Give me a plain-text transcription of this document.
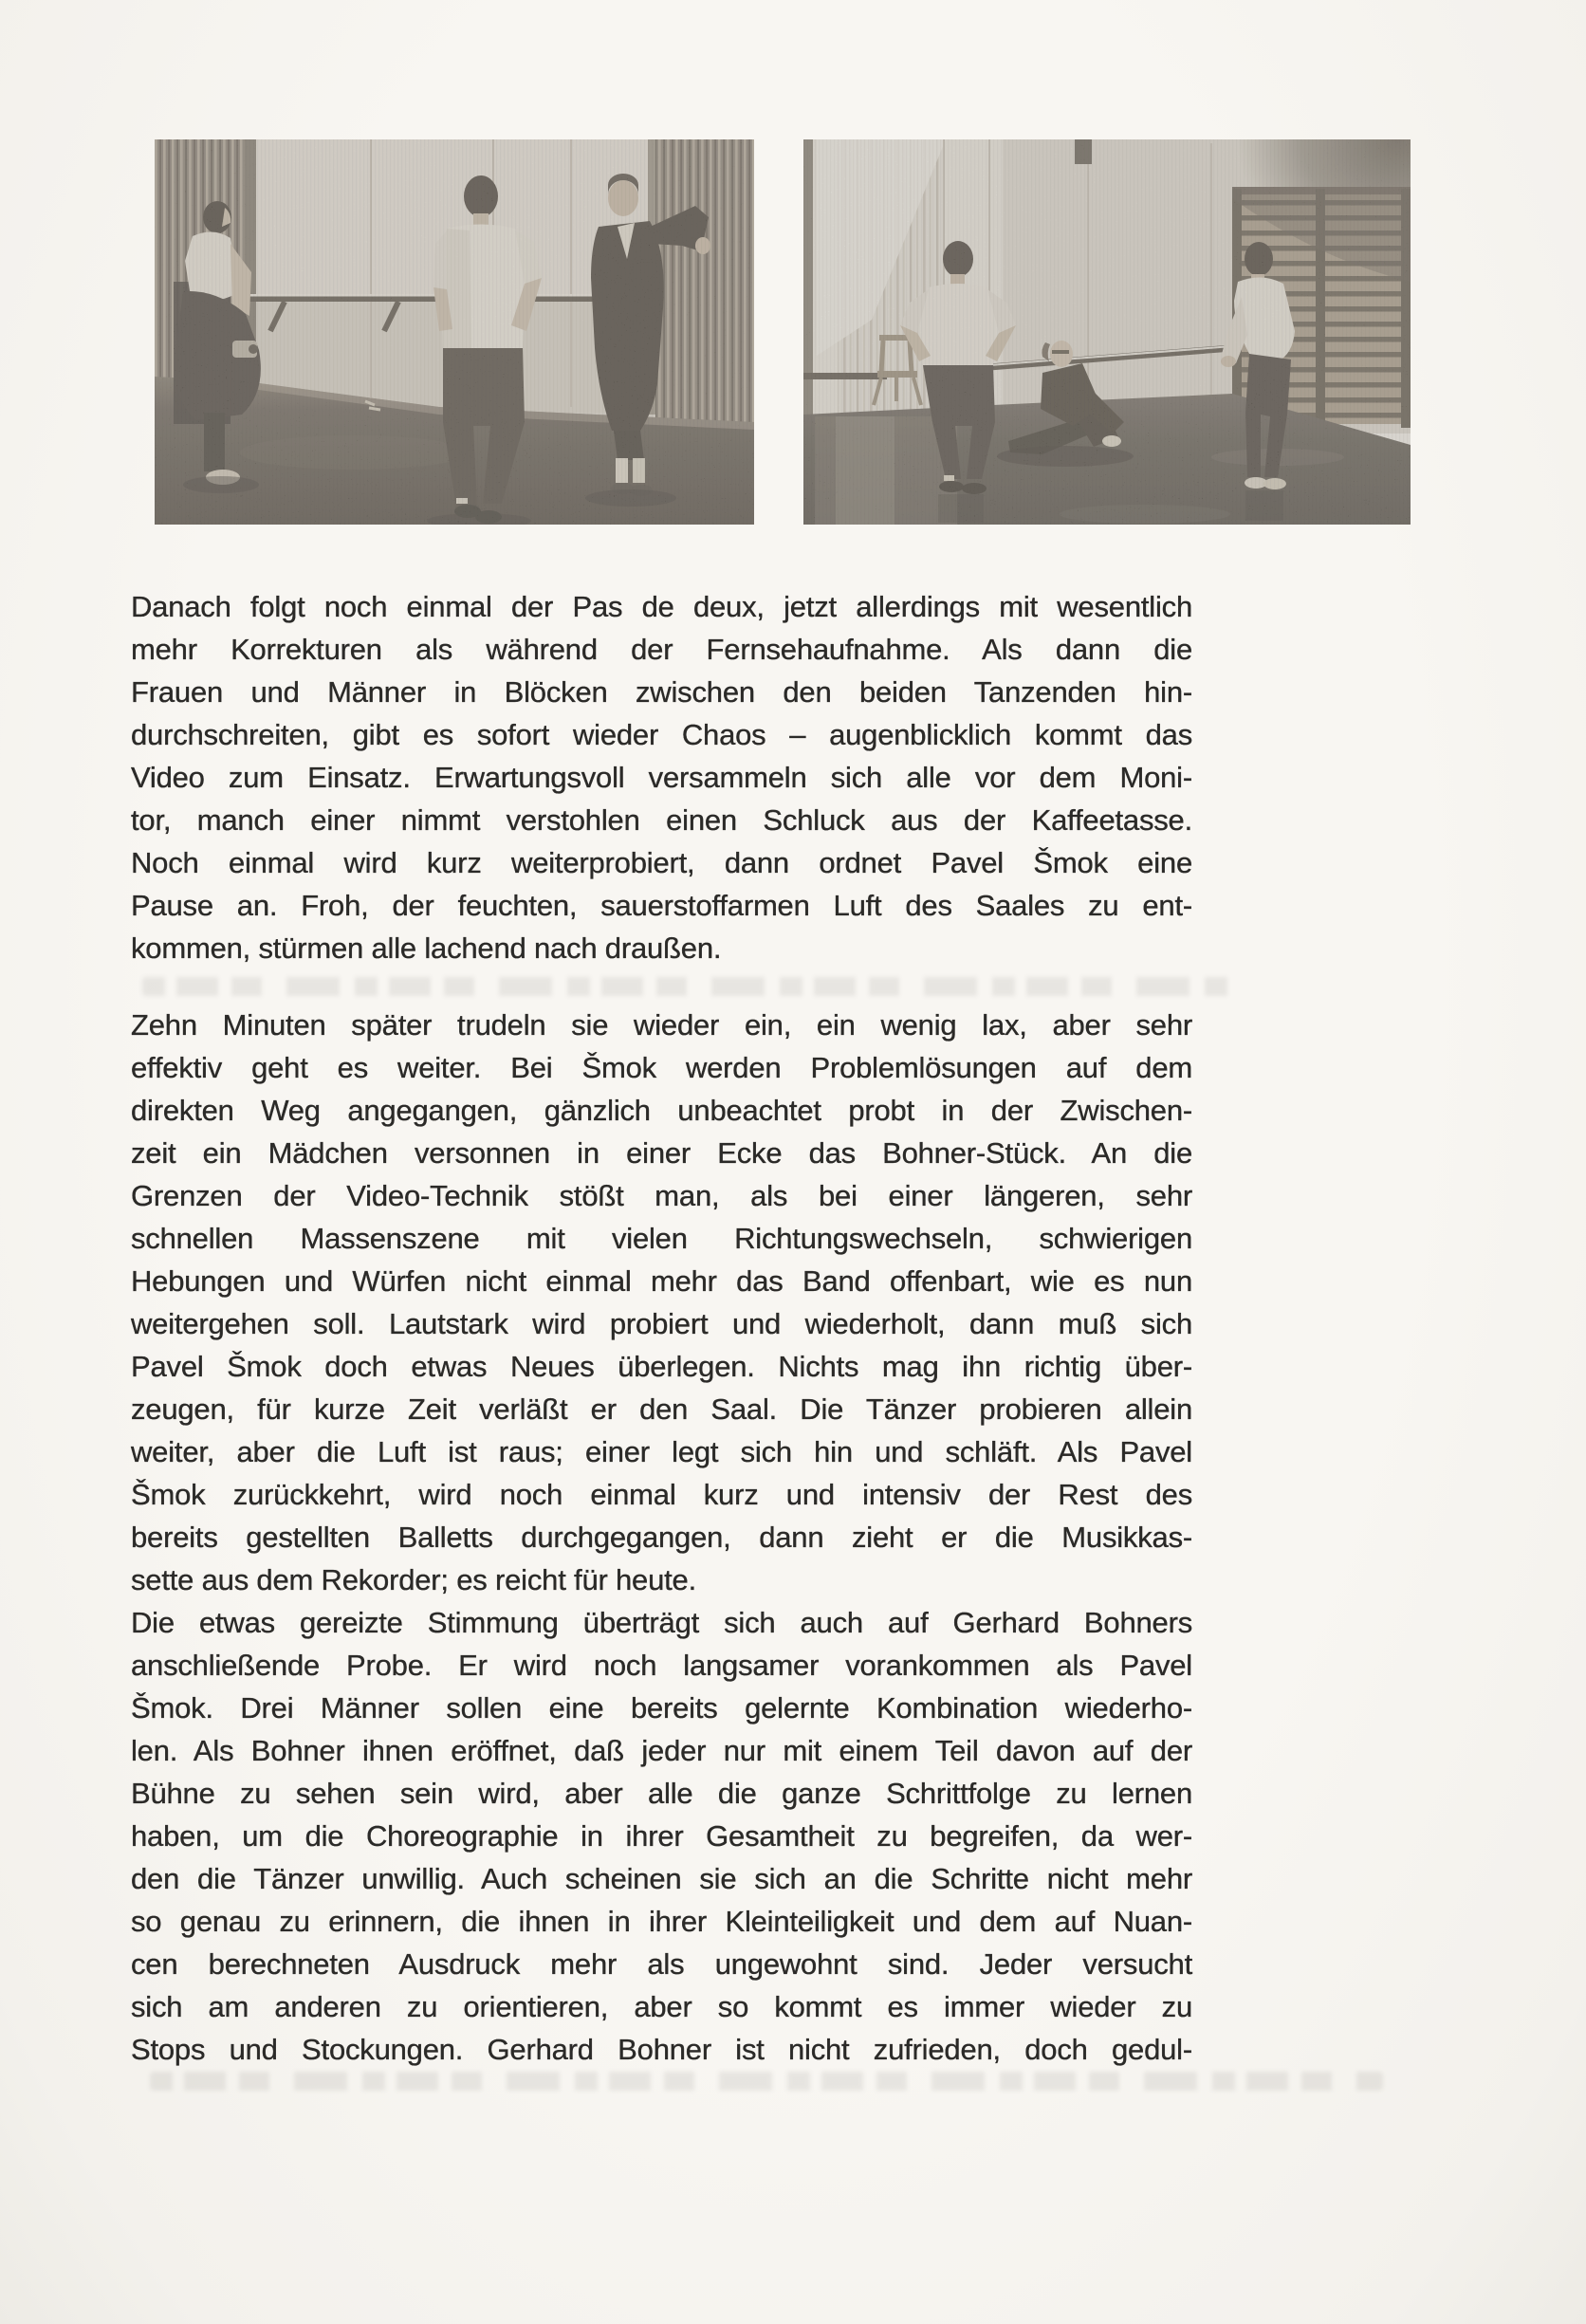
Danach folgt noch einmal der Pas de deux, jetzt allerdings mit wesentlich
mehr Korrekturen als während der Fernsehaufnahme. Als dann die
Frauen und Männer in Blöcken zwischen den beiden Tanzenden hin-
durchschreiten, gibt es sofort wieder Chaos – augenblicklich kommt das
Video zum Einsatz. Erwartungsvoll versammeln sich alle vor dem Moni-
tor, manch einer nimmt verstohlen einen Schluck aus der Kaffeetasse.
Noch einmal wird kurz weiterprobiert, dann ordnet Pavel Šmok eine
Pause an. Froh, der feuchten, sauerstoffarmen Luft des Saales zu ent-
kommen, stürmen alle lachend nach draußen.
Zehn Minuten später trudeln sie wieder ein, ein wenig lax, aber sehr
effektiv geht es weiter. Bei Šmok werden Problemlösungen auf dem
direkten Weg angegangen, gänzlich unbeachtet probt in der Zwischen-
zeit ein Mädchen versonnen in einer Ecke das Bohner-Stück. An die
Grenzen der Video-Technik stößt man, als bei einer längeren, sehr
schnellen Massenszene mit vielen Richtungswechseln, schwierigen
Hebungen und Würfen nicht einmal mehr das Band offenbart, wie es nun
weitergehen soll. Lautstark wird probiert und wiederholt, dann muß sich
Pavel Šmok doch etwas Neues überlegen. Nichts mag ihn richtig über-
zeugen, für kurze Zeit verläßt er den Saal. Die Tänzer probieren allein
weiter, aber die Luft ist raus; einer legt sich hin und schläft. Als Pavel
Šmok zurückkehrt, wird noch einmal kurz und intensiv der Rest des
bereits gestellten Balletts durchgegangen, dann zieht er die Musikkas-
sette aus dem Rekorder; es reicht für heute.
Die etwas gereizte Stimmung überträgt sich auch auf Gerhard Bohners
anschließende Probe. Er wird noch langsamer vorankommen als Pavel
Šmok. Drei Männer sollen eine bereits gelernte Kombination wiederho-
len. Als Bohner ihnen eröffnet, daß jeder nur mit einem Teil davon auf der
Bühne zu sehen sein wird, aber alle die ganze Schrittfolge zu lernen
haben, um die Choreographie in ihrer Gesamtheit zu begreifen, da wer-
den die Tänzer unwillig. Auch scheinen sie sich an die Schritte nicht mehr
so genau zu erinnern, die ihnen in ihrer Kleinteiligkeit und dem auf Nuan-
cen berechneten Ausdruck mehr als ungewohnt sind. Jeder versucht
sich am anderen zu orientieren, aber so kommt es immer wieder zu
Stops und Stockungen. Gerhard Bohner ist nicht zufrieden, doch gedul-
